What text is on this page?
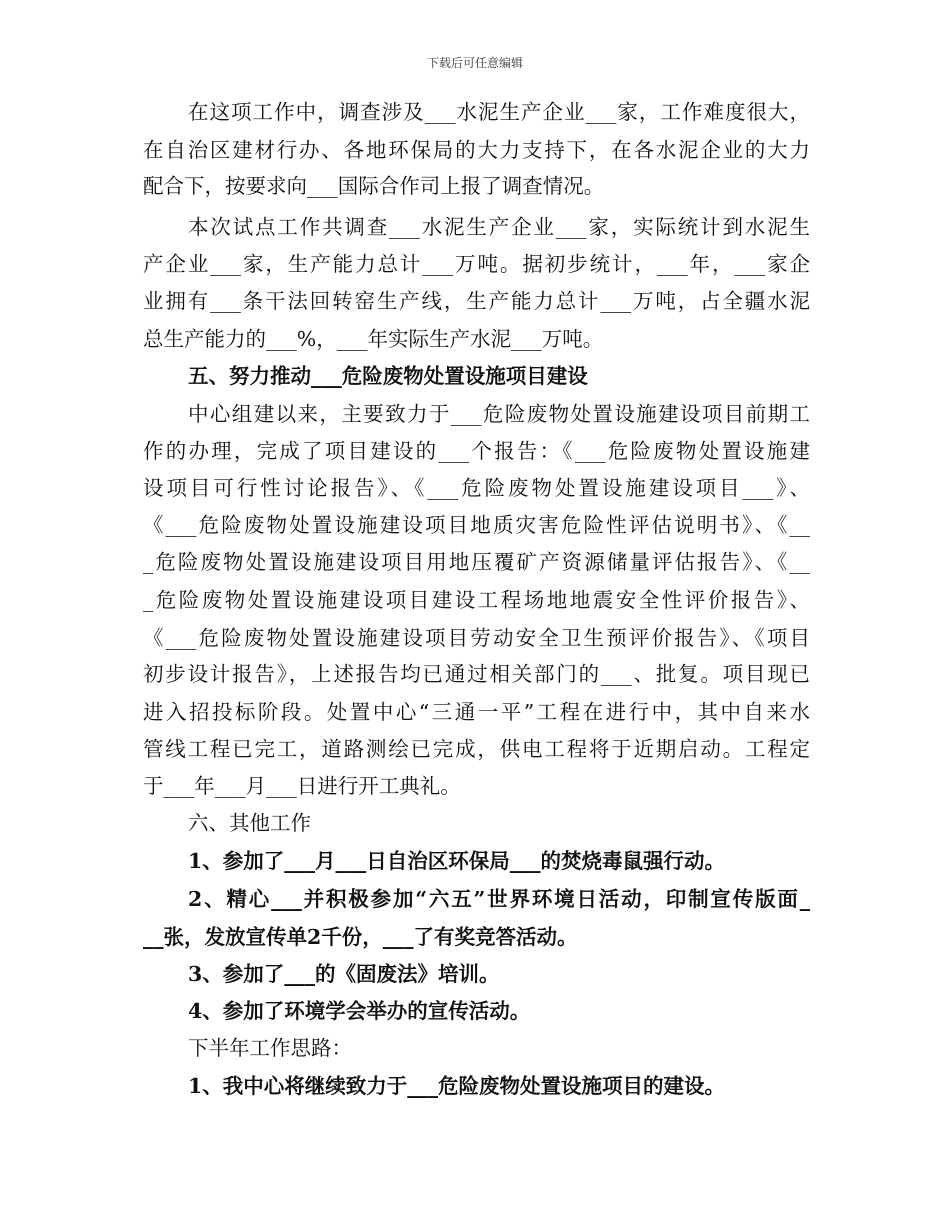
下载后可任意编辑
在这项工作中，调查涉及___水泥生产企业___家，工作难度很大，
在自治区建材行办、各地环保局的大力支持下，在各水泥企业的大力
配合下，按要求向___国际合作司上报了调查情况。
本次试点工作共调查___水泥生产企业___家，实际统计到水泥生
产企业___家，生产能力总计___万吨。据初步统计，___年，___家企
业拥有___条干法回转窑生产线，生产能力总计___万吨，占全疆水泥
总生产能力的___%，___年实际生产水泥___万吨。
五、努力推动___危险废物处置设施项目建设
中心组建以来，主要致力于___危险废物处置设施建设项目前期工
作的办理，完成了项目建设的___个报告：《___危险废物处置设施建
设项目可行性讨论报告》、《___危险废物处置设施建设项目___》、
《___危险废物处置设施建设项目地质灾害危险性评估说明书》、《__
_危险废物处置设施建设项目用地压覆矿产资源储量评估报告》、《__
_危险废物处置设施建设项目建设工程场地地震安全性评价报告》、
《___危险废物处置设施建设项目劳动安全卫生预评价报告》、《项目
初步设计报告》，上述报告均已通过相关部门的___、批复。项目现已
进入招投标阶段。处置中心“三通一平”工程在进行中，其中自来水
管线工程已完工，道路测绘已完成，供电工程将于近期启动。工程定
于___年___月___日进行开工典礼。
六、其他工作
1、参加了___月___日自治区环保局___的焚烧毒鼠强行动。
2、精心___并积极参加“六五”世界环境日活动，印制宣传版面_
__张，发放宣传单2千份，___了有奖竞答活动。
3、参加了___的《固废法》培训。
4、参加了环境学会举办的宣传活动。
下半年工作思路：
1、我中心将继续致力于___危险废物处置设施项目的建设。
